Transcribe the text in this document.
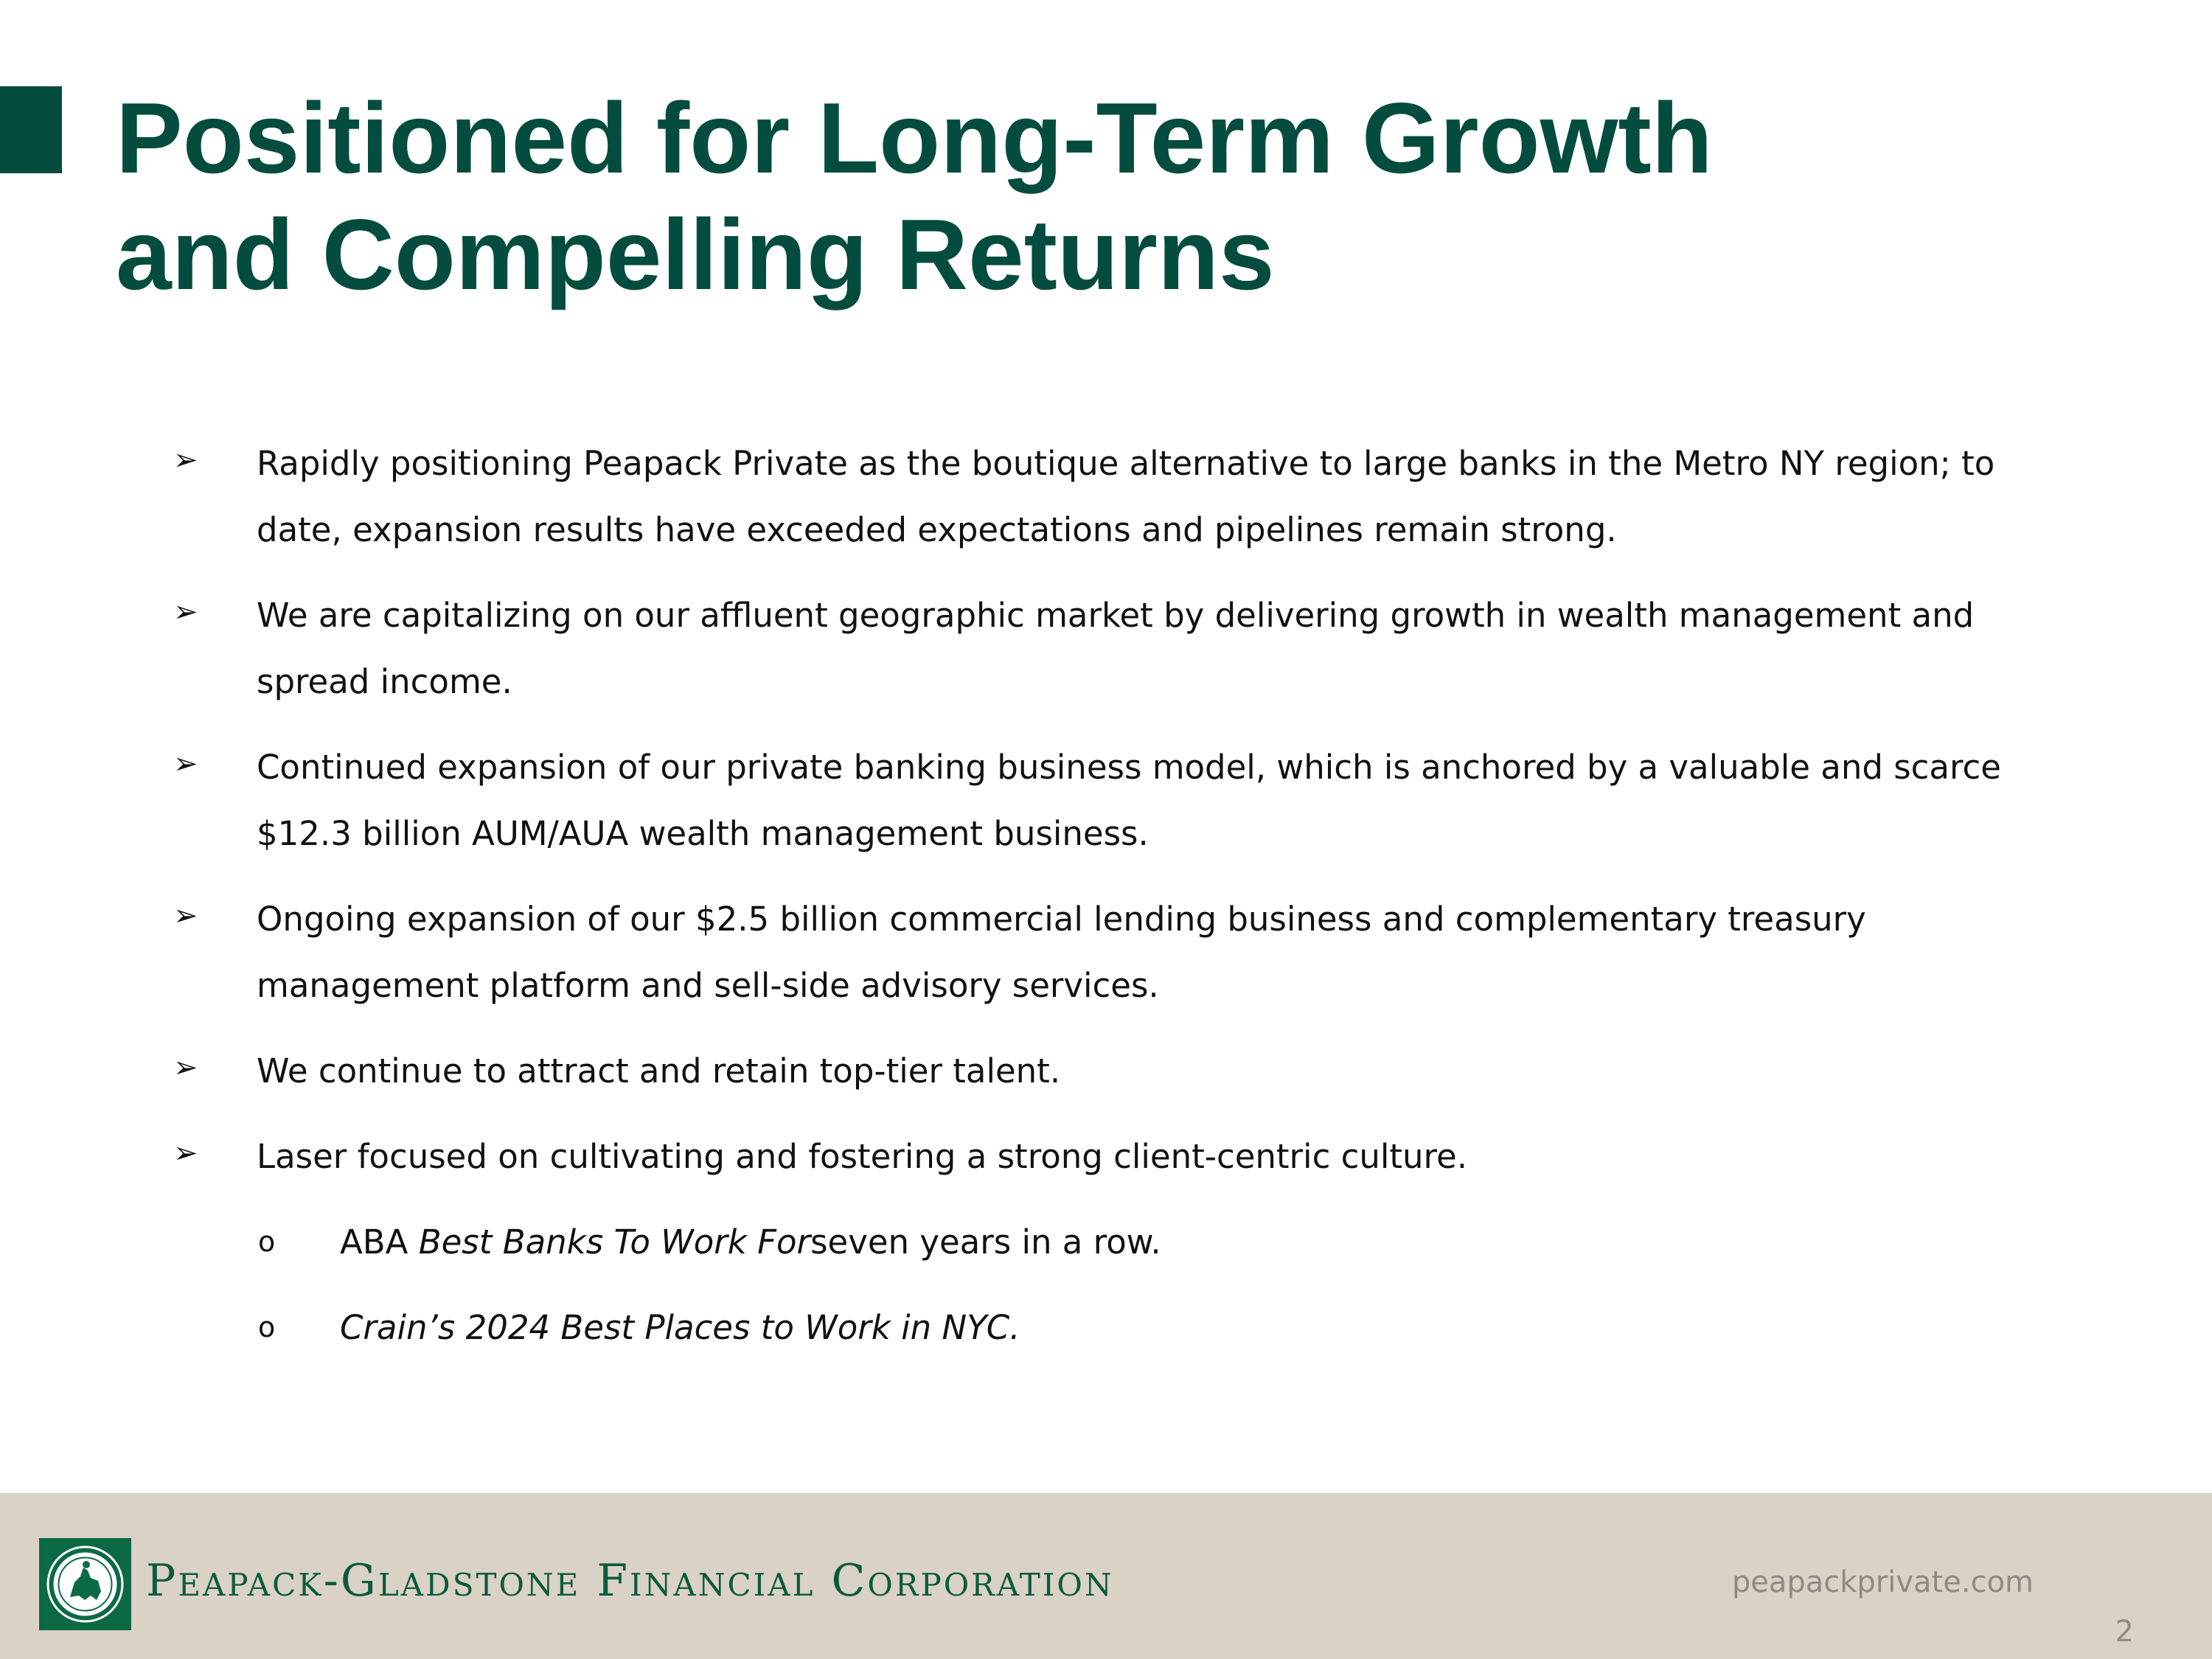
Positioned for Long-Term Growth
and Compelling Returns
➢ Rapidly positioning Peapack Private as the boutique alternative to large banks in the Metro NY region; to date, expansion results have exceeded expectations and pipelines remain strong.
➢ We are capitalizing on our affluent geographic market by delivering growth in wealth management and spread income.
➢ Continued expansion of our private banking business model, which is anchored by a valuable and scarce $12.3 billion AUM/AUA wealth management business.
➢ Ongoing expansion of our $2.5 billion commercial lending business and complementary treasury management platform and sell-side advisory services.
➢ We continue to attract and retain top-tier talent.
➢ Laser focused on cultivating and fostering a strong client-centric culture.
o ABA Best Banks To Work Forseven years in a row.
o Crain’s 2024 Best Places to Work in NYC.
Peapack-Gladstone Financial Corporation	peapackprivate.com
2
